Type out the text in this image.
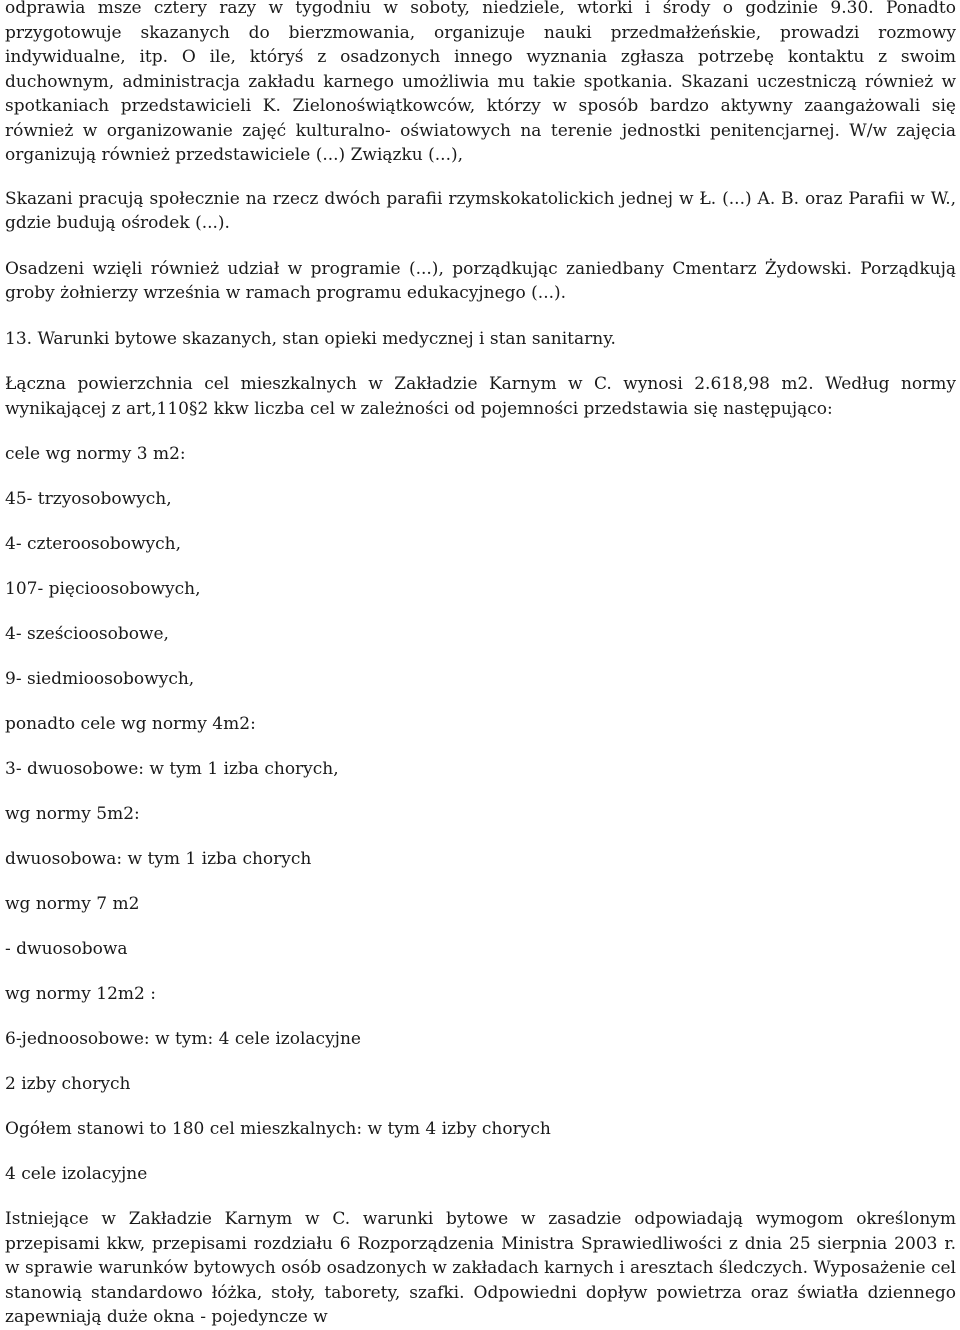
odprawia msze cztery razy w tygodniu w soboty, niedziele, wtorki i środy o godzinie 9.30. Ponadto przygotowuje skazanych do bierzmowania, organizuje nauki przedmałżeńskie, prowadzi rozmowy indywidualne, itp. O ile, któryś z osadzonych innego wyznania zgłasza potrzebę kontaktu z swoim duchownym, administracja zakładu karnego umożliwia mu takie spotkania. Skazani uczestniczą również w spotkaniach przedstawicieli K. Zielonoświątkowców, którzy w sposób bardzo aktywny zaangażowali się również w organizowanie zajęć kulturalno- oświatowych na terenie jednostki penitencjarnej. W/w zajęcia organizują również przedstawiciele (...) Związku (...),

Skazani pracują społecznie na rzecz dwóch parafii rzymskokatolickich jednej w Ł. (...) A. B. oraz Parafii w W., gdzie budują ośrodek (...).

Osadzeni wzięli również udział w programie (...), porządkując zaniedbany Cmentarz Żydowski. Porządkują groby żołnierzy września w ramach programu edukacyjnego (...).

13. Warunki bytowe skazanych, stan opieki medycznej i stan sanitarny.

Łączna powierzchnia cel mieszkalnych w Zakładzie Karnym w C. wynosi 2.618,98 m2. Według normy wynikającej z art,110§2 kkw liczba cel w zależności od pojemności przedstawia się następująco:

cele wg normy 3 m2:

45- trzyosobowych,

4- czteroosobowych,

107- pięcioosobowych,

4- sześcioosobowe,

9- siedmioosobowych,

ponadto cele wg normy 4m2:

3- dwuosobowe: w tym 1 izba chorych,

wg normy 5m2:

dwuosobowa: w tym 1 izba chorych

wg normy 7 m2

- dwuosobowa

wg normy 12m2 :

6-jednoosobowe: w tym: 4 cele izolacyjne

2 izby chorych

Ogółem stanowi to 180 cel mieszkalnych: w tym 4 izby chorych

4 cele izolacyjne

Istniejące w Zakładzie Karnym w C. warunki bytowe w zasadzie odpowiadają wymogom określonym przepisami kkw, przepisami rozdziału 6 Rozporządzenia Ministra Sprawiedliwości z dnia 25 sierpnia 2003 r. w sprawie warunków bytowych osób osadzonych w zakładach karnych i aresztach śledczych. Wyposażenie cel stanowią standardowo łóżka, stoły, taborety, szafki. Odpowiedni dopływ powietrza oraz światła dziennego zapewniają duże okna - pojedyncze w
